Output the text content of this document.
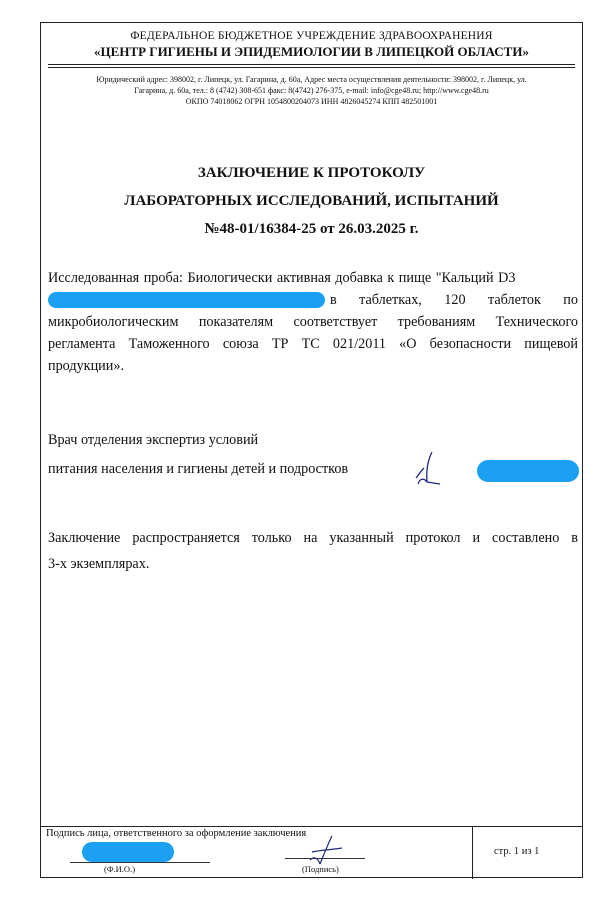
ФЕДЕРАЛЬНОЕ БЮДЖЕТНОЕ УЧРЕЖДЕНИЕ ЗДРАВООХРАНЕНИЯ
«ЦЕНТР ГИГИЕНЫ И ЭПИДЕМИОЛОГИИ В ЛИПЕЦКОЙ ОБЛАСТИ»
Юридический адрес: 398002, г. Липецк, ул. Гагарина, д. 60а, Адрес места осуществления деятельности: 398002, г. Липецк, ул.
Гагарина, д. 60а, тел.: 8 (4742) 308-651 факс: 8(4742) 276-375, e-mail: info@cge48.ru; http://www.cge48.ru
ОКПО 74018062 ОГРН 1054800204073 ИНН 4826045274 КПП 482501001
ЗАКЛЮЧЕНИЕ К ПРОТОКОЛУ
ЛАБОРАТОРНЫХ ИССЛЕДОВАНИЙ, ИСПЫТАНИЙ
№48-01/16384-25 от 26.03.2025 г.
Исследованная проба: Биологически активная добавка к пище "Кальций D3
в таблетках, 120 таблеток по
микробиологическим показателям соответствует требованиям Технического
регламента Таможенного союза ТР ТС 021/2011 «О безопасности пищевой
продукции».
Врач отделения экспертиз условий
питания населения и гигиены детей и подростков
Заключение распространяется только на указанный протокол и составлено в
3-х экземплярах.
Подпись лица, ответственного за оформление заключения
(Ф.И.О.)	(Подпись)
стр. 1 из 1
